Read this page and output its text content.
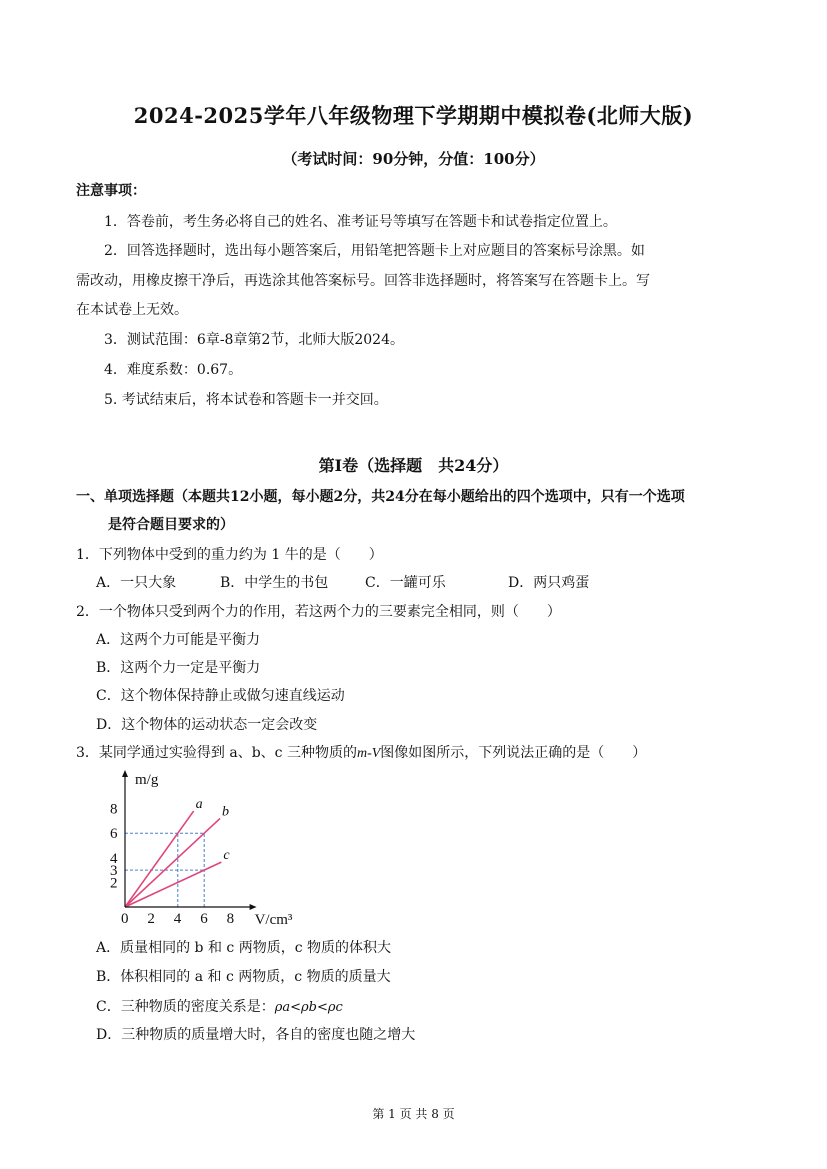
2024-2025学年八年级物理下学期期中模拟卷(北师大版)
（考试时间：90分钟，分值：100分）
注意事项：
1．答卷前，考生务必将自己的姓名、准考证号等填写在答题卡和试卷指定位置上。
2．回答选择题时，选出每小题答案后，用铅笔把答题卡上对应题目的答案标号涂黑。如
需改动，用橡皮擦干净后，再选涂其他答案标号。回答非选择题时，将答案写在答题卡上。写
在本试卷上无效。
3．测试范围：6章-8章第2节，北师大版2024。
4．难度系数：0.67。
5. 考试结束后，将本试卷和答题卡一并交回。
第Ⅰ卷（选择题　共24分）
一、单项选择题（本题共12小题，每小题2分，共24分在每小题给出的四个选项中，只有一个选项
是符合题目要求的）
1．下列物体中受到的重力约为 1 牛的是（　　）
A．一只大象	B．中学生的书包	C．一罐可乐	D．两只鸡蛋
2．一个物体只受到两个力的作用，若这两个力的三要素完全相同，则（　　）
A．这两个力可能是平衡力
B．这两个力一定是平衡力
C．这个物体保持静止或做匀速直线运动
D．这个物体的运动状态一定会改变
3．某同学通过实验得到 a、b、c 三种物质的m-V图像如图所示，下列说法正确的是（　　）
a b
c
0 2 4 6 8
2
3
4
6
8
m/g
V/cm³
A．质量相同的 b 和 c 两物质，c 物质的体积大
B．体积相同的 a 和 c 两物质，c 物质的质量大
C．三种物质的密度关系是：ρa<ρb<ρc
D．三种物质的质量增大时，各自的密度也随之增大
第 1 页 共 8 页
